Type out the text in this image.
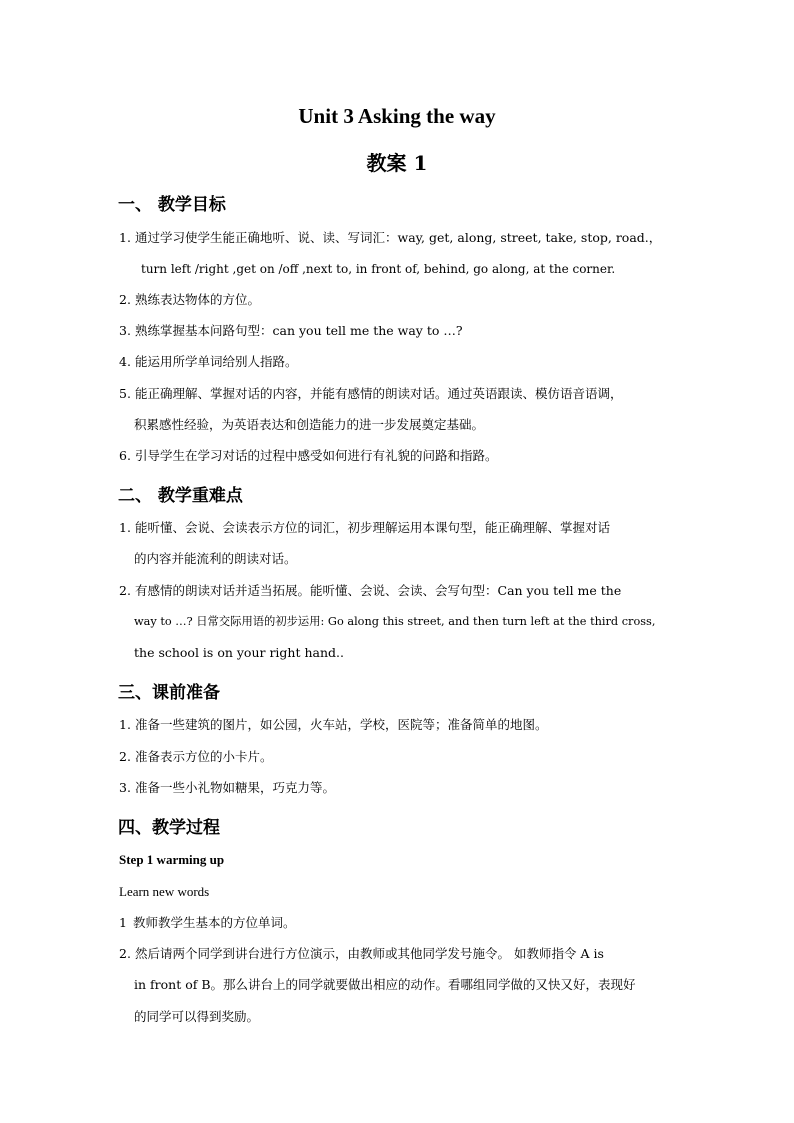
Unit 3 Asking the way
教案 1
一、 教学目标
1. 通过学习使学生能正确地听、说、读、写词汇：way, get, along, street, take, stop, road.，
turn left /right ,get on /off ,next to, in front of, behind, go along, at the corner.
2. 熟练表达物体的方位。
3. 熟练掌握基本问路句型：can you tell me the way to …?
4. 能运用所学单词给别人指路。
5. 能正确理解、掌握对话的内容，并能有感情的朗读对话。通过英语跟读、模仿语音语调，
积累感性经验，为英语表达和创造能力的进一步发展奠定基础。
6. 引导学生在学习对话的过程中感受如何进行有礼貌的问路和指路。
二、 教学重难点
1. 能听懂、会说、会读表示方位的词汇，初步理解运用本课句型，能正确理解、掌握对话
的内容并能流利的朗读对话。
2. 有感情的朗读对话并适当拓展。能听懂、会说、会读、会写句型：Can you tell me the
way to …? 日常交际用语的初步运用: Go along this street, and then turn left at the third cross,
the school is on your right hand..
三、课前准备
1. 准备一些建筑的图片，如公园，火车站，学校，医院等；准备简单的地图。
2. 准备表示方位的小卡片。
3. 准备一些小礼物如糖果，巧克力等。
四、教学过程
Step 1 warming up
Learn new words
1 教师教学生基本的方位单词。
2. 然后请两个同学到讲台进行方位演示，由教师或其他同学发号施令。 如教师指令 A is
in front of B。那么讲台上的同学就要做出相应的动作。看哪组同学做的又快又好，表现好
的同学可以得到奖励。
